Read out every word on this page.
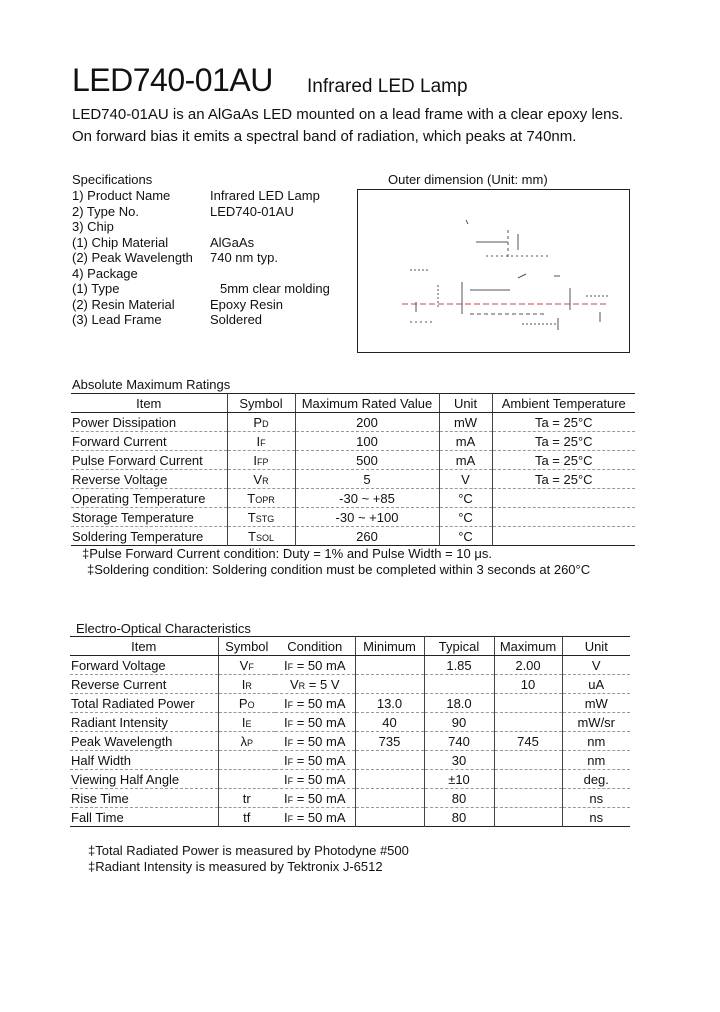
LED740-01AU Infrared LED Lamp
LED740-01AU is an AlGaAs LED mounted on a lead frame with a clear epoxy lens.
On forward bias it emits a spectral band of radiation, which peaks at 740nm.
Specifications
1) Product Name	Infrared LED Lamp
2) Type No.	LED740-01AU
3) Chip
(1) Chip Material	AlGaAs
(2) Peak Wavelength 740 nm typ.
4) Package
(1) Type	5mm clear molding
(2) Resin Material	Epoxy Resin
(3) Lead Frame	Soldered
Outer dimension (Unit: mm)
Absolute Maximum Ratings
Item	Symbol	Maximum Rated Value	Unit	Ambient Temperature
Power Dissipation	PD	200	mW	Ta = 25°C
Forward Current	IF	100	mA	Ta = 25°C
Pulse Forward Current	IFP	500	mA	Ta = 25°C
Reverse Voltage	VR	5	V	Ta = 25°C
Operating Temperature	TOPR	-30 ~ +85	°C	
Storage Temperature	TSTG	-30 ~ +100	°C	
Soldering Temperature	TSOL	260	°C	
‡Pulse Forward Current condition: Duty = 1% and Pulse Width = 10 μs.
‡Soldering condition: Soldering condition must be completed within 3 seconds at 260°C
Electro-Optical Characteristics
Item	Symbol	Condition	Minimum	Typical	Maximum	Unit
Forward Voltage	VF	IF = 50 mA		1.85	2.00	V
Reverse Current	IR	VR = 5 V			10	uA
Total Radiated Power	PO	IF = 50 mA	13.0	18.0		mW
Radiant Intensity	IE	IF = 50 mA	40	90		mW/sr
Peak Wavelength	λP	IF = 50 mA	735	740	745	nm
Half Width		IF = 50 mA		30		nm
Viewing Half Angle		IF = 50 mA		±10		deg.
Rise Time	tr	IF = 50 mA		80		ns
Fall Time	tf	IF = 50 mA		80		ns
‡Total Radiated Power is measured by Photodyne #500
‡Radiant Intensity is measured by Tektronix J-6512
